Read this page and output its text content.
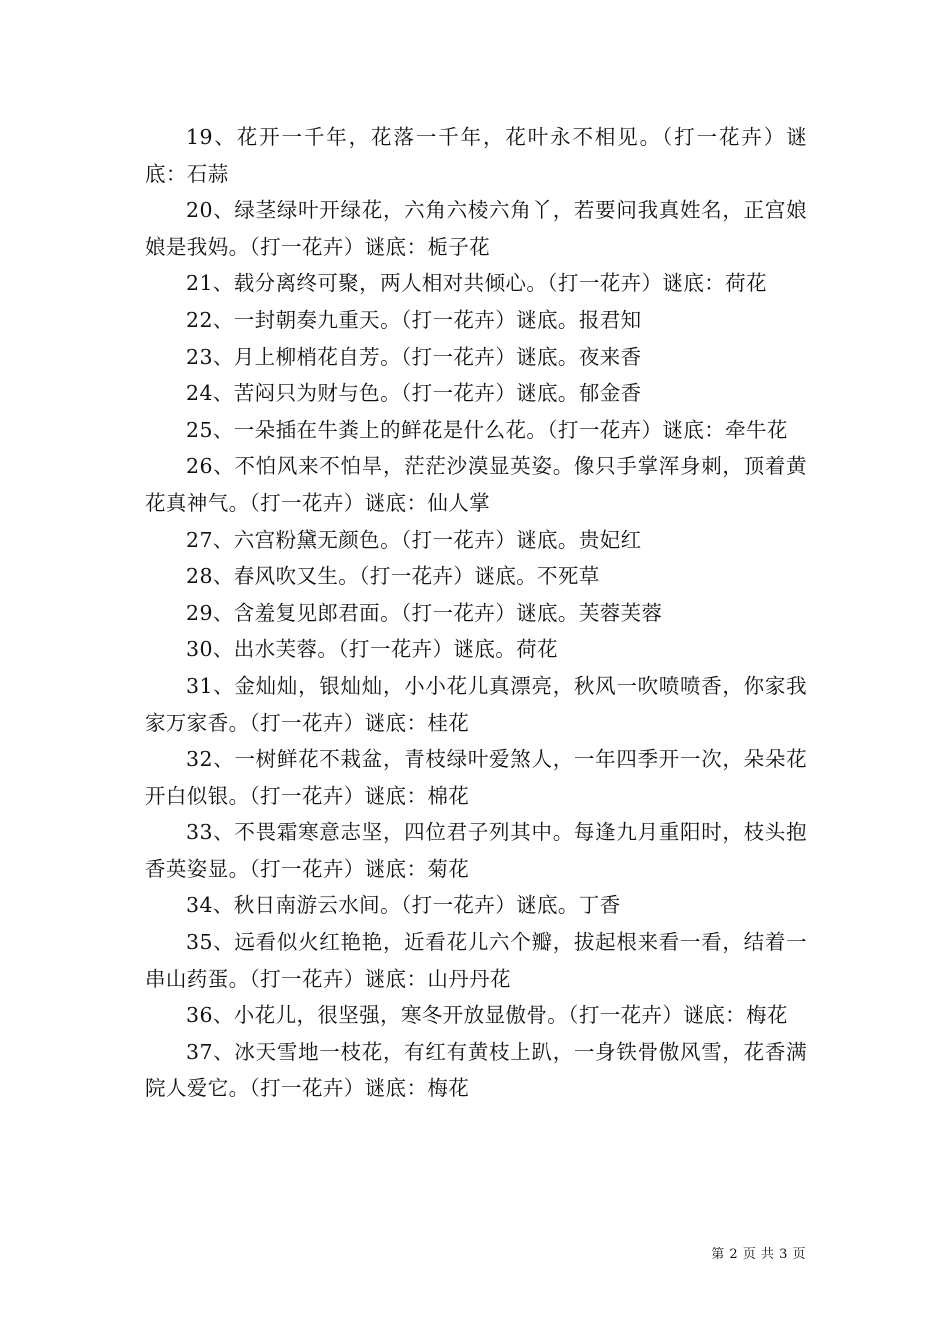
19、花开一千年，花落一千年，花叶永不相见。（打一花卉）谜底：石蒜

20、绿茎绿叶开绿花，六角六棱六角丫，若要问我真姓名，正宫娘娘是我妈。（打一花卉）谜底：栀子花

21、载分离终可聚，两人相对共倾心。（打一花卉）谜底：荷花

22、一封朝奏九重天。（打一花卉）谜底。报君知

23、月上柳梢花自芳。（打一花卉）谜底。夜来香

24、苦闷只为财与色。（打一花卉）谜底。郁金香

25、一朵插在牛粪上的鲜花是什么花。（打一花卉）谜底：牵牛花

26、不怕风来不怕旱，茫茫沙漠显英姿。像只手掌浑身刺，顶着黄花真神气。（打一花卉）谜底：仙人掌

27、六宫粉黛无颜色。（打一花卉）谜底。贵妃红

28、春风吹又生。（打一花卉）谜底。不死草

29、含羞复见郎君面。（打一花卉）谜底。芙蓉芙蓉

30、出水芙蓉。（打一花卉）谜底。荷花

31、金灿灿，银灿灿，小小花儿真漂亮，秋风一吹喷喷香，你家我家万家香。（打一花卉）谜底：桂花

32、一树鲜花不栽盆，青枝绿叶爱煞人，一年四季开一次，朵朵花开白似银。（打一花卉）谜底：棉花

33、不畏霜寒意志坚，四位君子列其中。每逢九月重阳时，枝头抱香英姿显。（打一花卉）谜底：菊花

34、秋日南游云水间。（打一花卉）谜底。丁香

35、远看似火红艳艳，近看花儿六个瓣，拔起根来看一看，结着一串山药蛋。（打一花卉）谜底：山丹丹花

36、小花儿，很坚强，寒冬开放显傲骨。（打一花卉）谜底：梅花

37、冰天雪地一枝花，有红有黄枝上趴，一身铁骨傲风雪，花香满院人爱它。（打一花卉）谜底：梅花

第 2 页 共 3 页
